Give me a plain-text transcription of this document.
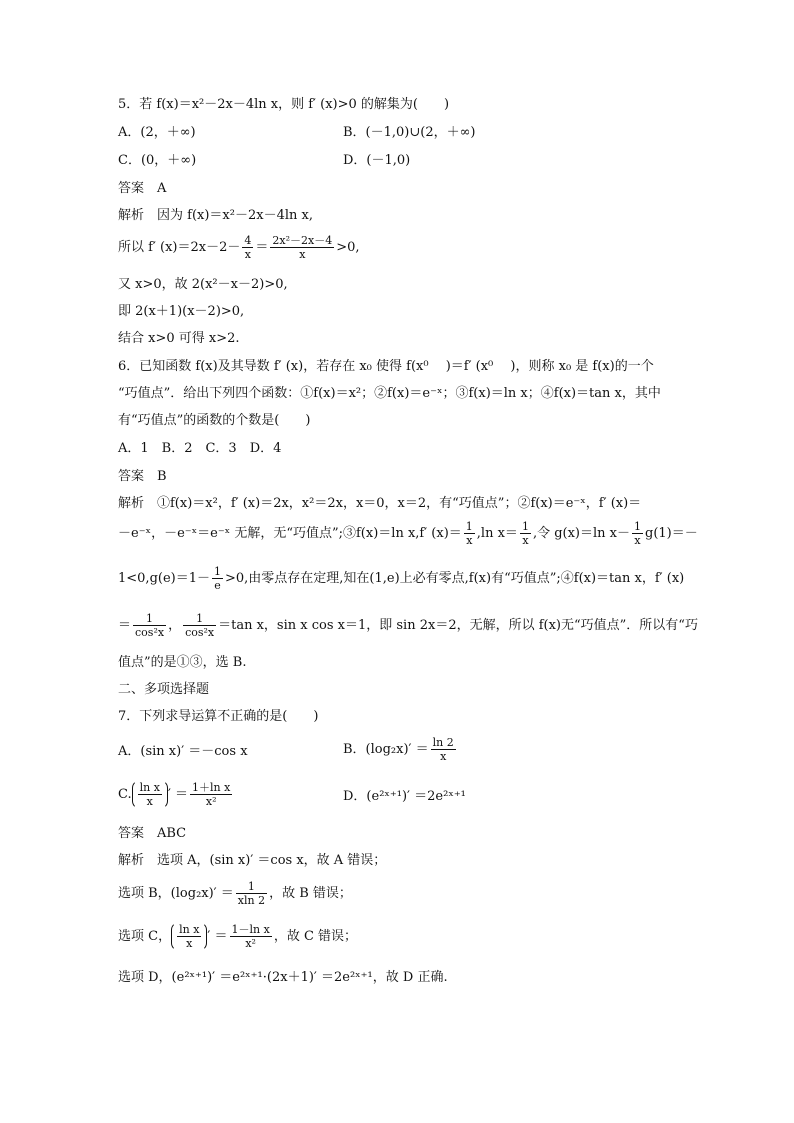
5．若 f(x)＝x²－2x－4ln x，则 f′ (x)>0 的解集为(　　)
A．(2，＋∞)	B．(－1,0)∪(2，＋∞)
C．(0，＋∞)	D．(－1,0)
答案　A
解析　因为 f(x)＝x²－2x－4ln x,
所以 f′ $(x)=2x-2- \frac{4}{x} = \frac{\text{2x²－2x－4}}{x} >0$,
又 x>0，故 2(x²－x－2)>0,
即 2(x＋1)(x－2)>0,
结合 x>0 可得 x>2.
6．已知函数 f(x)及其导数 f′ (x)，若存在 x₀ 使得 f(x⁰　 )＝f′ (x⁰　 )，则称 x₀ 是 f(x)的一个
“巧值点”．给出下列四个函数：①f(x)＝x²；②f(x)＝e⁻ˣ；③f(x)＝ln x；④f(x)＝tan x，其中
有“巧值点”的函数的个数是(　　)
A．1　B．2　C．3　D．4
答案　B
解析　①f(x)＝x²，f′ (x)＝2x，x²＝2x，x＝0，x＝2，有“巧值点”；②f(x)＝e⁻ˣ，f′ (x)＝
－e⁻ˣ，－e⁻ˣ＝e⁻ˣ 无解，无“巧值点”;③f(x)＝ln x,f′ $(x)= \frac{1}{x} ,\ln$ $x= \frac{1}{x}$ ,令 g(x)＝ln $x- \frac{1}{x} g(1)=-$
$1<0,g(e)=1- \frac{1}{e} >0$,由零点存在定理,知在(1,e)上必有零点,f(x)有“巧值点”;④f(x)＝tan x，f′ (x)
＝ $\frac{1}{\text{cos²x}}$ ， $\frac{1}{\text{cos²x}} =\tan$ x，sin x cos x＝1，即 sin 2x＝2，无解，所以 f(x)无“巧值点”．所以有“巧
值点”的是①③，选 B.
二、多项选择题
7．下列求导运算不正确的是(　　)
A．(sin x)′ ＝－cos x	B．$(\log_2x)' = \frac{\ln 2}{x}$
C. $\frac{\text{ln x}}{x}$ ′ ＝ $\frac{\text{1＋ln x}}{\text{x²}}$	D．(e²ˣ⁺¹)′ ＝2e²ˣ⁺¹
答案　ABC
解析　选项 A，(sin x)′ ＝cos x，故 A 错误；
选项 B，$(\log_2x)' = \frac{1}{xln 2}$ ，故 B 错误；
选项 C， $\frac{\text{ln x}}{x}$ ′ ＝ $\frac{\text{1－ln x}}{\text{x²}}$ ，故 C 错误；
选项 D，(e²ˣ⁺¹)′ ＝e²ˣ⁺¹·(2x＋1)′ ＝2e²ˣ⁺¹，故 D 正确.
